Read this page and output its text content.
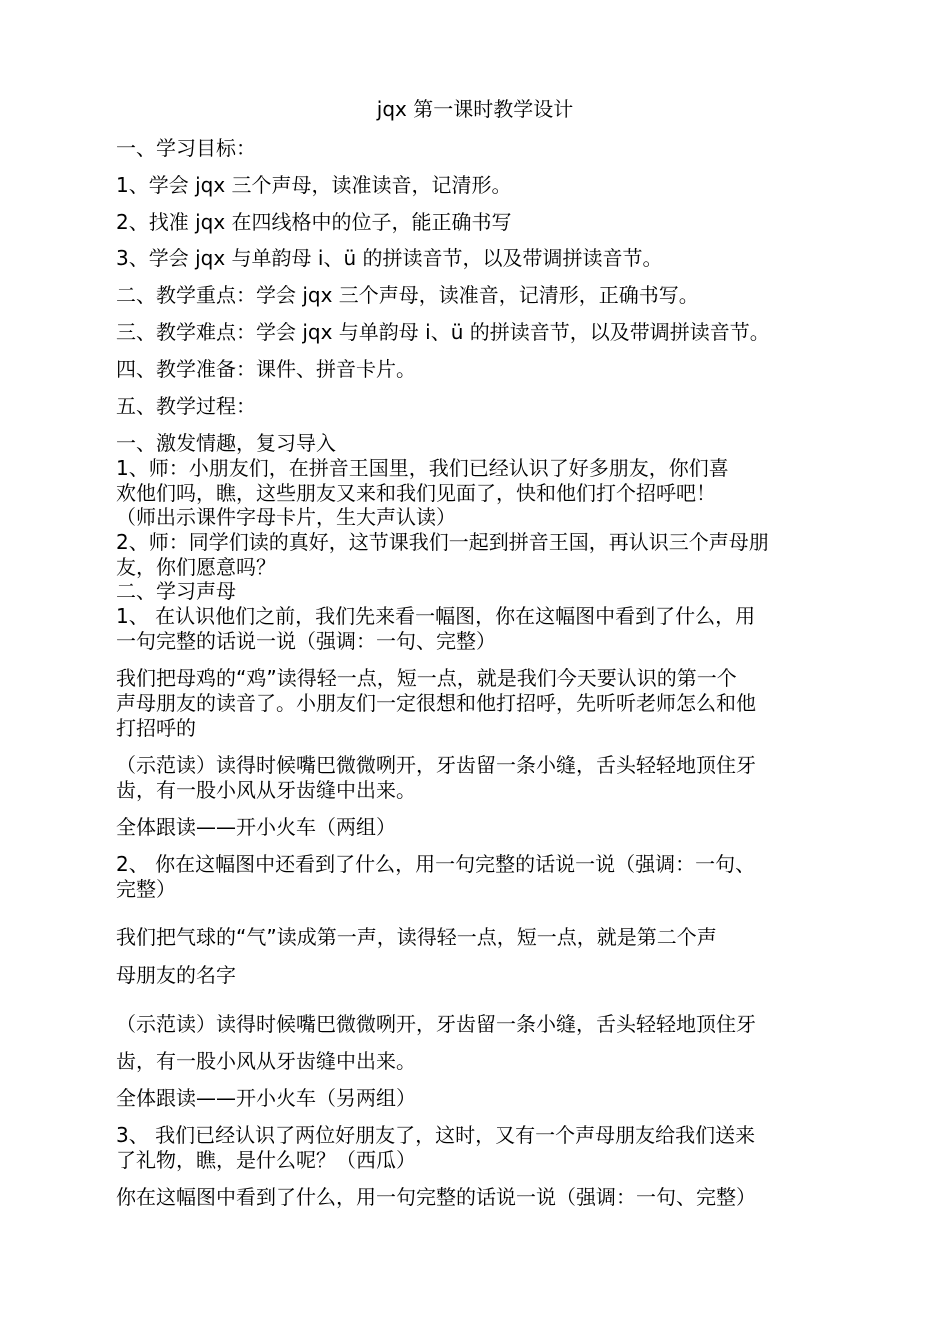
jqx 第一课时教学设计
一、学习目标：
1、学会 jqx 三个声母，读准读音，记清形。
2、找准 jqx 在四线格中的位子，能正确书写
3、学会 jqx 与单韵母 i、ü 的拼读音节，以及带调拼读音节。
二、教学重点：学会 jqx 三个声母，读准音，记清形，正确书写。
三、教学难点：学会 jqx 与单韵母 i、ü 的拼读音节，以及带调拼读音节。
四、教学准备：课件、拼音卡片。
五、教学过程：
一、激发情趣，复习导入
1、师：小朋友们，在拼音王国里，我们已经认识了好多朋友，你们喜
欢他们吗，瞧，这些朋友又来和我们见面了，快和他们打个招呼吧！
（师出示课件字母卡片，生大声认读）
2、师：同学们读的真好，这节课我们一起到拼音王国，再认识三个声母朋
友，你们愿意吗？
二、学习声母
1、 在认识他们之前，我们先来看一幅图，你在这幅图中看到了什么，用
一句完整的话说一说（强调：一句、完整）
我们把母鸡的“鸡”读得轻一点，短一点，就是我们今天要认识的第一个
声母朋友的读音了。小朋友们一定很想和他打招呼，先听听老师怎么和他
打招呼的
（示范读）读得时候嘴巴微微咧开，牙齿留一条小缝，舌头轻轻地顶住牙
齿，有一股小风从牙齿缝中出来。
全体跟读——开小火车（两组）
2、 你在这幅图中还看到了什么，用一句完整的话说一说（强调：一句、
完整）
我们把气球的“气”读成第一声，读得轻一点，短一点，就是第二个声
母朋友的名字
（示范读）读得时候嘴巴微微咧开，牙齿留一条小缝，舌头轻轻地顶住牙
齿，有一股小风从牙齿缝中出来。
全体跟读——开小火车（另两组）
3、 我们已经认识了两位好朋友了，这时，又有一个声母朋友给我们送来
了礼物，瞧，是什么呢？（西瓜）
你在这幅图中看到了什么，用一句完整的话说一说（强调：一句、完整）
